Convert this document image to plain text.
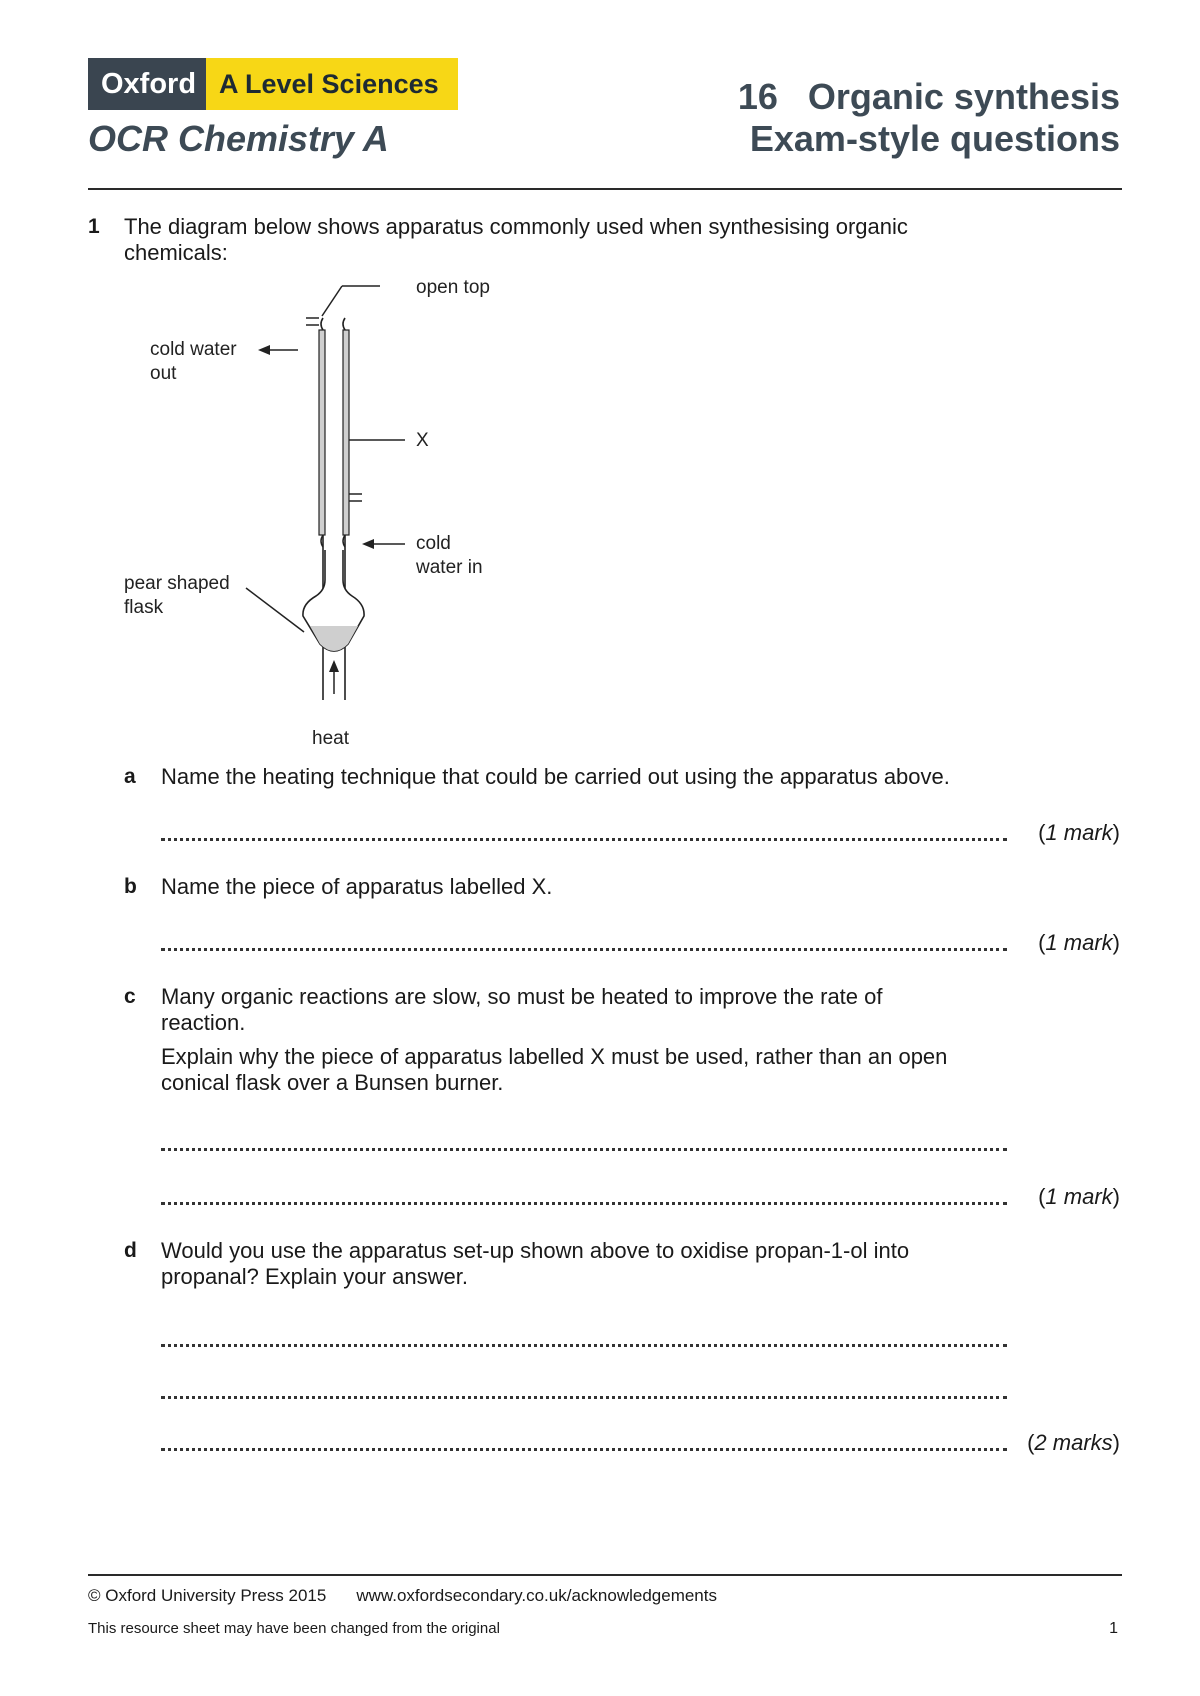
Oxford A Level Sciences
OCR Chemistry A
16 Organic synthesis
Exam-style questions
1 The diagram below shows apparatus commonly used when synthesising organic chemicals:
open top
cold water out
X
cold water in
pear shaped flask
heat
a Name the heating technique that could be carried out using the apparatus above.
(1 mark)
b Name the piece of apparatus labelled X.
(1 mark)
c Many organic reactions are slow, so must be heated to improve the rate of reaction.
Explain why the piece of apparatus labelled X must be used, rather than an open conical flask over a Bunsen burner.
(1 mark)
d Would you use the apparatus set-up shown above to oxidise propan-1-ol into propanal? Explain your answer.
(2 marks)
© Oxford University Press 2015 www.oxfordsecondary.co.uk/acknowledgements
This resource sheet may have been changed from the original	1
